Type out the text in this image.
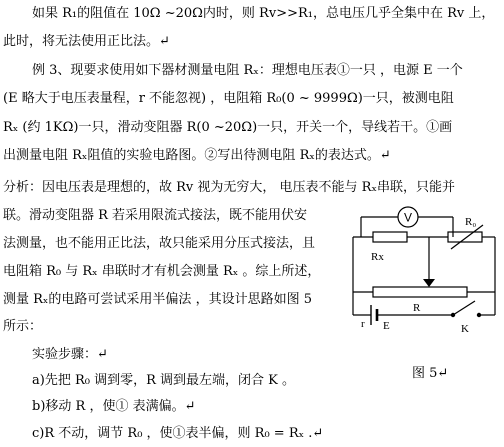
如果 R₁的阻值在 10Ω ~20Ω内时，则 Rv>>R₁，总电压几乎全集中在 Rv 上，
此时，将无法使用正比法。↵
例 3、现要求使用如下器材测量电阻 Rₓ：理想电压表①一只 ，电源 E 一个
(E 略大于电压表量程，r 不能忽视) ，电阻箱 R₀(0 ~ 9999Ω)一只，被测电阻
Rₓ (约 1KΩ)一只，滑动变阻器 R(0 ~20Ω)一只，开关一个，导线若干。①画
出测量电阻 Rₓ阻值的实验电路图。②写出待测电阻 Rₓ的表达式。↵
分析：因电压表是理想的，故 Rv 视为无穷大， 电压表不能与 Rₓ串联，只能并
联。滑动变阻器 R 若采用限流式接法，既不能用伏安
法测量，也不能用正比法，故只能采用分压式接法，且
电阻箱 R₀ 与 Rₓ 串联时才有机会测量 Rₓ 。综上所述，
测量 Rₓ的电路可尝试采用半偏法 ，其设计思路如图 5
所示：
实验步骤：↵
a)先把 R₀ 调到零，R 调到最左端，闭合 K 。
b)移动 R ，使① 表满偏。↵
c)R 不动，调节 R₀ ，使①表半偏，则 R₀ = Rₓ .↵
V	R₀
Rx
R
r E	K
图 5↵
